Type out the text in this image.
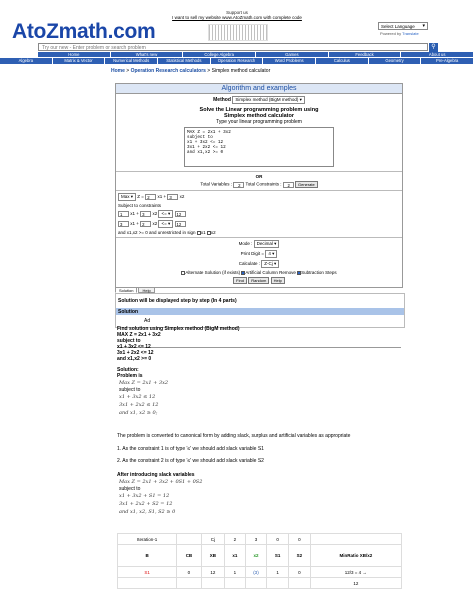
AtoZmath.com
Support us
I want to sell my website www.AtoZmath.com with complete code
Select Language ▾
Powered by Translate
Try our new - Enter problem or search problem	⚲
Home	What's new	College Algebra	Games	Feedback	About us
Algebra	Matrix & Vector	Numerical Methods	Statistical Methods	Operation Research	Word Problems	Calculus	Geometry	Pre-Algebra
Home > Operation Research calculators > Simplex method calculator
Algorithm and examples
Method Simplex method (BigM method) ▾
Solve the Linear programming problem using
Simplex method calculator
Type your linear programming problem
MAX Z = 2x1 + 3x2
subject to
x1 + 3x2 <= 12
3x1 + 2x2 <= 12
and x1,x2 >= 0
OR
Total Variables : 2 Total Constraints : 2 Generate
Max ▾ Z = 2 x1 + 3 x2
Subject to constraints
1 x1 + 3 x2 <= ▾ 12
3 x1 + 2 x2 <= ▾ 12
and x1,x2 >= 0 and unrestricted in sign x1 x2
Mode : Decimal ▾
Print Digit = 4 ▾
Calculate : Z-Cj ▾
Alternate Solution (if exists) Artificial Column Remove Subtraction Steps
Find Random Help
Solution	Help
Solution will be displayed step by step (In 4 parts)
Solution
Ad
Find solution using Simplex method (BigM method)
MAX Z = 2x1 + 3x2
subject to
x1 + 3x2 <= 12
3x1 + 2x2 <= 12
and x1,x2 >= 0
Solution:
Problem is
Max Z = 2x1 + 3x2
subject to
x1 + 3x2 ≤ 12
3x1 + 2x2 ≤ 12
and x1, x2 ≥ 0;
The problem is converted to canonical form by adding slack, surplus and artificial variables as appropriate
1. As the constraint 1 is of type '≤' we should add slack variable S1
2. As the constraint 2 is of type '≤' we should add slack variable S2
After introducing slack variables
Max Z = 2x1 + 3x2 + 0S1 + 0S2
subject to
x1 + 3x2 + S1 = 12
3x1 + 2x2 + S2 = 12
and x1, x2, S1, S2 ≥ 0
Iteration-1		Cj	2	3	0	0	
B	CB	XB	x1	x2	S1	S2	MinRatio XB/x2
S1	0	12	1	(3)	1	0	12/3 = 4 →
							12
